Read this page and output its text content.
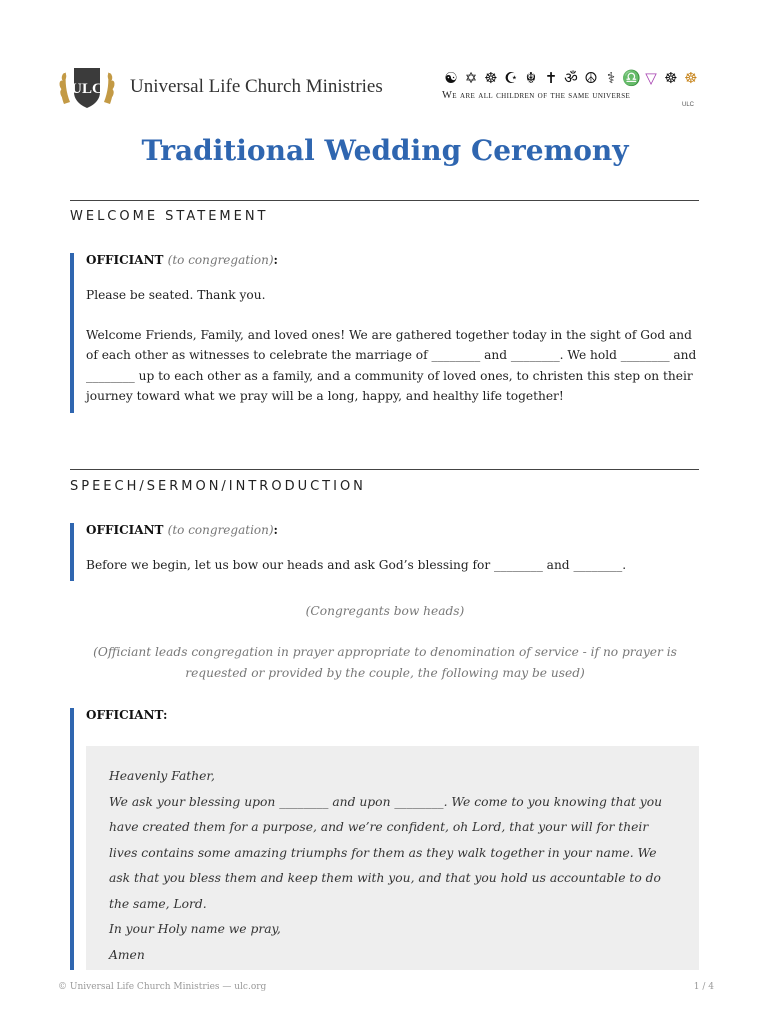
ULC Universal Life Church Ministries	☯ ✡ ☸ ☪ ☬ ✝ ॐ ☮ ⚕ ♎ ▽ ☸ ☸
We are all children of the same universe
ULC
Traditional Wedding Ceremony
WELCOME STATEMENT
OFFICIANT (to congregation):

Please be seated. Thank you.

Welcome Friends, Family, and loved ones! We are gathered together today in the sight of God and of each other as witnesses to celebrate the marriage of ________ and ________. We hold ________ and ________ up to each other as a family, and a community of loved ones, to christen this step on their journey toward what we pray will be a long, happy, and healthy life together!

SPEECH/SERMON/INTRODUCTION
OFFICIANT (to congregation):

Before we begin, let us bow our heads and ask God’s blessing for ________ and ________.

(Congregants bow heads)
(Officiant leads congregation in prayer appropriate to denomination of service - if no prayer is requested or provided by the couple, the following may be used)
OFFICIANT:

Heavenly Father,

We ask your blessing upon ________ and upon ________. We come to you knowing that you have created them for a purpose, and we’re confident, oh Lord, that your will for their lives contains some amazing triumphs for them as they walk together in your name. We ask that you bless them and keep them with you, and that you hold us accountable to do the same, Lord.

In your Holy name we pray,

Amen

© Universal Life Church Ministries — ulc.org	1 / 4
